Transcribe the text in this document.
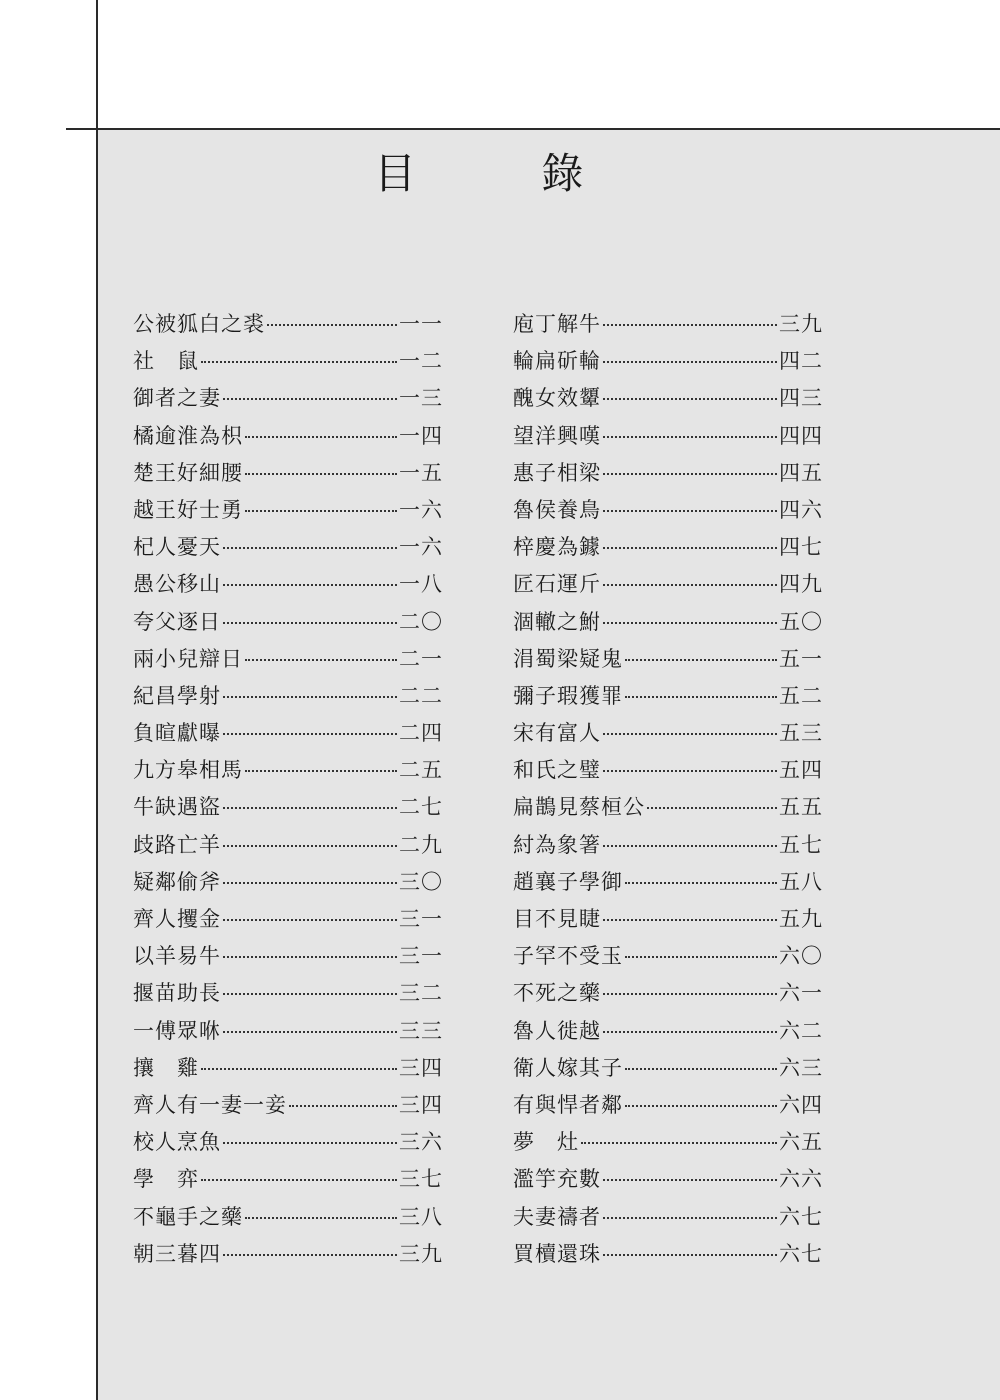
目 錄
公被狐白之裘	一一
社　鼠	一二
御者之妻	一三
橘逾淮為枳	一四
楚王好細腰	一五
越王好士勇	一六
杞人憂天	一六
愚公移山	一八
夸父逐日	二〇
兩小兒辯日	二一
紀昌學射	二二
負暄獻曝	二四
九方皋相馬	二五
牛缺遇盜	二七
歧路亡羊	二九
疑鄰偷斧	三〇
齊人攫金	三一
以羊易牛	三一
揠苗助長	三二
一傅眾咻	三三
攘　雞	三四
齊人有一妻一妾	三四
校人烹魚	三六
學　弈	三七
不龜手之藥	三八
朝三暮四	三九
庖丁解牛	三九
輪扁斫輪	四二
醜女效顰	四三
望洋興嘆	四四
惠子相梁	四五
魯侯養鳥	四六
梓慶為鐻	四七
匠石運斤	四九
涸轍之鮒	五〇
涓蜀梁疑鬼	五一
彌子瑕獲罪	五二
宋有富人	五三
和氏之璧	五四
扁鵲見蔡桓公	五五
紂為象箸	五七
趙襄子學御	五八
目不見睫	五九
子罕不受玉	六〇
不死之藥	六一
魯人徙越	六二
衛人嫁其子	六三
有與悍者鄰	六四
夢　灶	六五
濫竽充數	六六
夫妻禱者	六七
買櫝還珠	六七
